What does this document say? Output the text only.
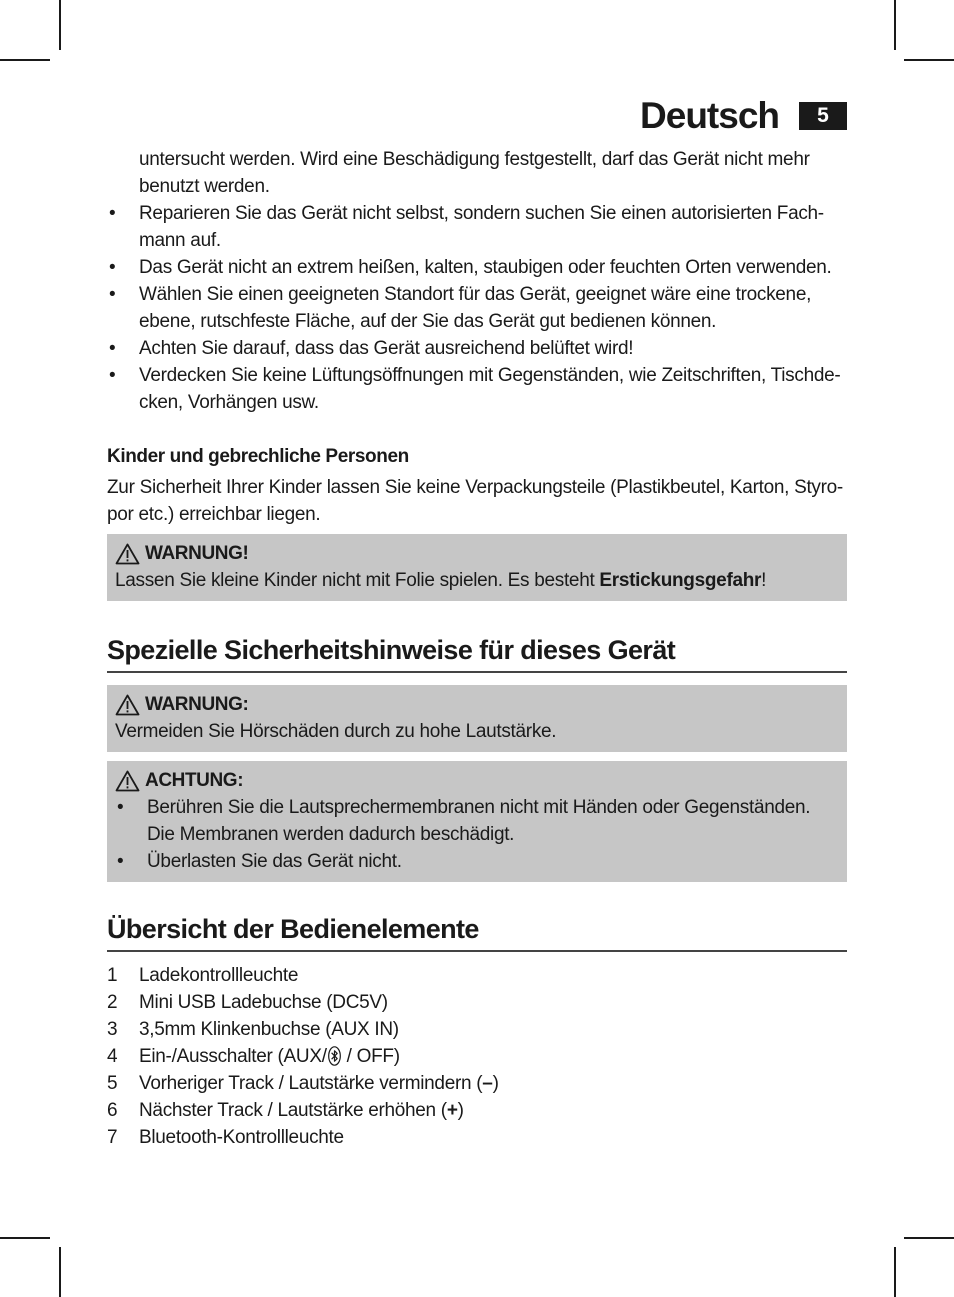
Deutsch	5
untersucht werden. Wird eine Beschädigung festgestellt, darf das Gerät nicht mehr benutzt werden.
• Reparieren Sie das Gerät nicht selbst, sondern suchen Sie einen autorisierten Fach-mann auf.
• Das Gerät nicht an extrem heißen, kalten, staubigen oder feuchten Orten verwenden.
• Wählen Sie einen geeigneten Standort für das Gerät, geeignet wäre eine trockene, ebene, rutschfeste Fläche, auf der Sie das Gerät gut bedienen können.
• Achten Sie darauf, dass das Gerät ausreichend belüftet wird!
• Verdecken Sie keine Lüftungsöffnungen mit Gegenständen, wie Zeitschriften, Tischde-cken, Vorhängen usw.
Kinder und gebrechliche Personen
Zur Sicherheit Ihrer Kinder lassen Sie keine Verpackungsteile (Plastikbeutel, Karton, Styro-por etc.) erreichbar liegen.
WARNUNG!
Lassen Sie kleine Kinder nicht mit Folie spielen. Es besteht Erstickungsgefahr!
Spezielle Sicherheitshinweise für dieses Gerät
WARNUNG:
Vermeiden Sie Hörschäden durch zu hohe Lautstärke.
ACHTUNG:
• Berühren Sie die Lautsprechermembranen nicht mit Händen oder Gegenständen. Die Membranen werden dadurch beschädigt.
• Überlasten Sie das Gerät nicht.
Übersicht der Bedienelemente
1	Ladekontrollleuchte
2	Mini USB Ladebuchse (DC5V)
3	3,5mm Klinkenbuchse (AUX IN)
4	Ein-/Ausschalter (AUX/ / OFF)
5	Vorheriger Track / Lautstärke vermindern (–)
6	Nächster Track / Lautstärke erhöhen (+)
7	Bluetooth-Kontrollleuchte
